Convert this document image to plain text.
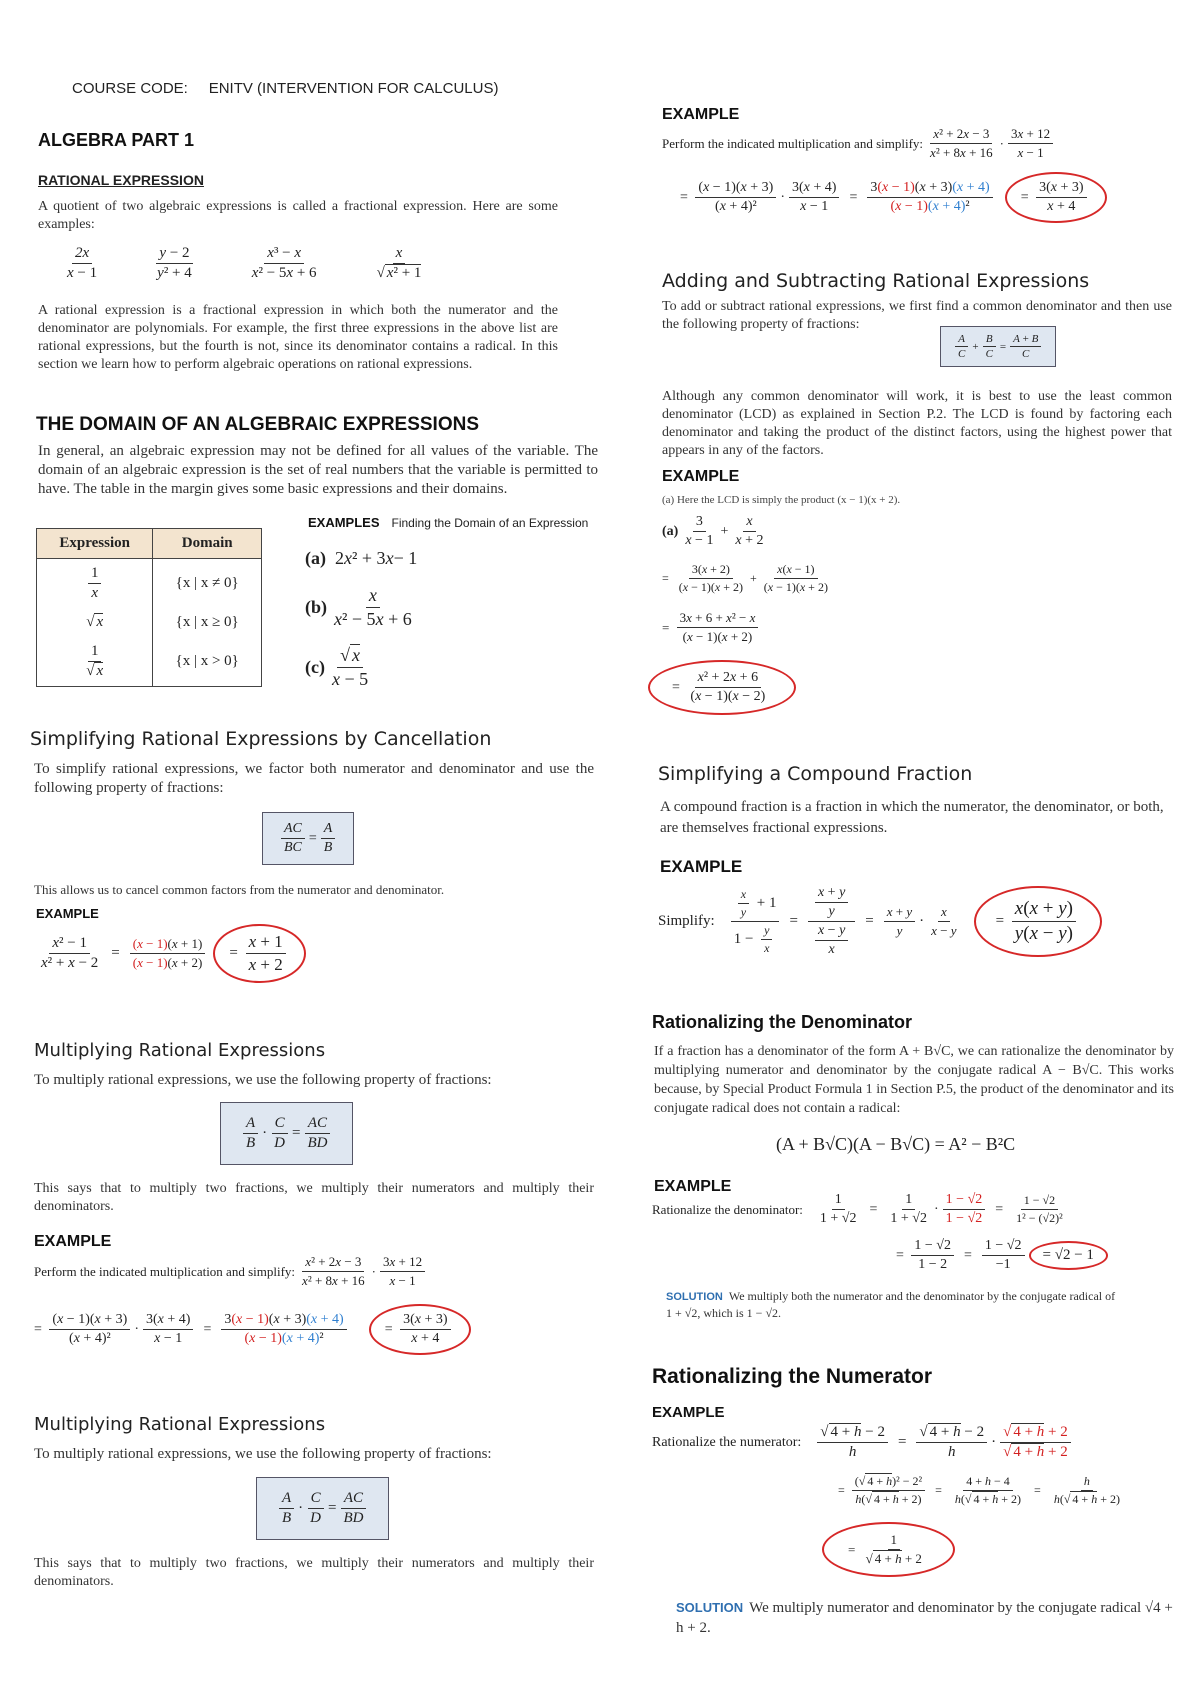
COURSE CODE: ENITV (INTERVENTION FOR CALCULUS)
ALGEBRA PART 1
RATIONAL EXPRESSION

A quotient of two algebraic expressions is called a fractional expression. Here are some examples:

$\frac{2x}{x - 1}$	$\frac{y - 2}{\text{y² + 4}}$	$\frac{\text{x³ − x}}{\text{x² − 5x + 6}}$	$\frac{x}{\text{√ x² + 1}}$

A rational expression is a fractional expression in which both the numerator and the denominator are polynomials. For example, the first three expressions in the above list are rational expressions, but the fourth is not, since its denominator contains a radical. In this section we learn how to perform algebraic operations on rational expressions.

THE DOMAIN OF AN ALGEBRAIC EXPRESSIONS

In general, an algebraic expression may not be defined for all values of the variable. The domain of an algebraic expression is the set of real numbers that the variable is permitted to have. The table in the margin gives some basic expressions and their domains.

Expression	Domain

$\frac{1}{x}$	{x | x ≠ 0}
√ x	{x | x ≥ 0}

$\frac{1}{√ x}$	{x | x > 0}
EXAMPLES Finding the Domain of an Expression
(a) 2 x ² + 3 x − 1
$(b) \frac{x}{\text{x² − 5x + 6}}$
$(c) \frac{√ x}{x - 5}$
Simplifying Rational Expressions by Cancellation

To simplify rational expressions, we factor both numerator and denominator and use the following property of fractions:

$\frac{AC}{BC} = \frac{A}{B}$

This allows us to cancel common factors from the numerator and denominator.

EXAMPLE
$\frac{\text{x² − 1}}{\text{x² + x − 2}} = \frac{(x - 1)(x + 1)}{(x - 1)(x + 2)}$	= $\frac{x + 1}{x + 2}$
Multiplying Rational Expressions

To multiply rational expressions, we use the following property of fractions:

$\frac{A}{B} \cdot \frac{C}{D} = \frac{AC}{BD}$

This says that to multiply two fractions, we multiply their numerators and multiply their denominators.

EXAMPLE
Perform the indicated multiplication and simplify: $\frac{\text{x² + 2x − 3}}{\text{x² + 8x + 16}} \cdot \frac{3x + 12}{x - 1}$
= $\frac{(x - 1)(x + 3)}{\text{(x + 4)²}} \cdot \frac{3(x + 4)}{x - 1} = \frac{3(x - 1)(x + 3)(x + 4)}{\text{(x − 1)(x + 4)²}}$	= $\frac{3(x + 3)}{x + 4}$
Multiplying Rational Expressions

To multiply rational expressions, we use the following property of fractions:

$\frac{A}{B} \cdot \frac{C}{D} = \frac{AC}{BD}$

This says that to multiply two fractions, we multiply their numerators and multiply their denominators.

EXAMPLE
Perform the indicated multiplication and simplify: $\frac{\text{x² + 2x − 3}}{\text{x² + 8x + 16}} \cdot \frac{3x + 12}{x - 1}$
= $\frac{(x - 1)(x + 3)}{\text{(x + 4)²}} \cdot \frac{3(x + 4)}{x - 1} = \frac{3(x - 1)(x + 3)(x + 4)}{\text{(x − 1)(x + 4)²}}$	= $\frac{3(x + 3)}{x + 4}$
Adding and Subtracting Rational Expressions

To add or subtract rational expressions, we first find a common denominator and then use the following property of fractions:

$\frac{A}{C} + \frac{B}{C} = \frac{A + B}{C}$

Although any common denominator will work, it is best to use the least common denominator (LCD) as explained in Section P.2. The LCD is found by factoring each denominator and taking the product of the distinct factors, using the highest power that appears in any of the factors.

EXAMPLE
(a) Here the LCD is simply the product (x − 1)(x + 2).
$(a) \frac{3}{x - 1} + \frac{x}{x + 2}$
= $\frac{3(x + 2)}{(x - 1)(x + 2)} + \frac{x(x - 1)}{(x - 1)(x + 2)}$
= $\frac{\text{3x + 6 + x² − x}}{(x - 1)(x + 2)}$
= $\frac{\text{x² + 2x + 6}}{(x - 1)(x - 2)}$
Simplifying a Compound Fraction

A compound fraction is a fraction in which the numerator, the denominator, or both, are themselves fractional expressions.

EXAMPLE
Simplify: $\frac{\frac{x}{y} + 1}{1 - \frac{y}{x}} = \frac{\frac{x + y}{y}}{\frac{x - y}{x}} = \frac{x + y}{y} \cdot \frac{x}{x - y}$	= $\frac{x(x + y)}{y(x - y)}$
Rationalizing the Denominator

If a fraction has a denominator of the form A + B√C, we can rationalize the denominator by multiplying numerator and denominator by the conjugate radical A − B√C. This works because, by Special Product Formula 1 in Section P.5, the product of the denominator and its conjugate radical does not contain a radical:

(A + B√C)(A − B√C) = A² − B²C
EXAMPLE
Rationalize the denominator: $\frac{1}{1 + √2} = \frac{1}{1 + √2} \cdot \frac{1 - √2}{1 - √2} = \frac{1 - √2}{\text{1² − (√2)²}}$
= $\frac{1 - √2}{1 - 2} = \frac{1 - √2}{-1}$	= √2 − 1

SOLUTION We multiply both the numerator and the denominator by the conjugate radical of 1 + √2, which is 1 − √2.

Rationalizing the Numerator
EXAMPLE
Rationalize the numerator: $\frac{√ 4 + h - 2}{h} = \frac{√ 4 + h - 2}{h} \cdot \frac{√ 4 + h + 2}{√ 4 + h + 2}$
= $\frac{\text{(√ 4 + h)² − 2²}}{h(√ 4 + h + 2)} = \frac{4 + h - 4}{h(√ 4 + h + 2)} = \frac{h}{h(√ 4 + h + 2)}$
= $\frac{1}{√ 4 + h + 2}$

SOLUTION We multiply numerator and denominator by the conjugate radical √4 + h + 2.
